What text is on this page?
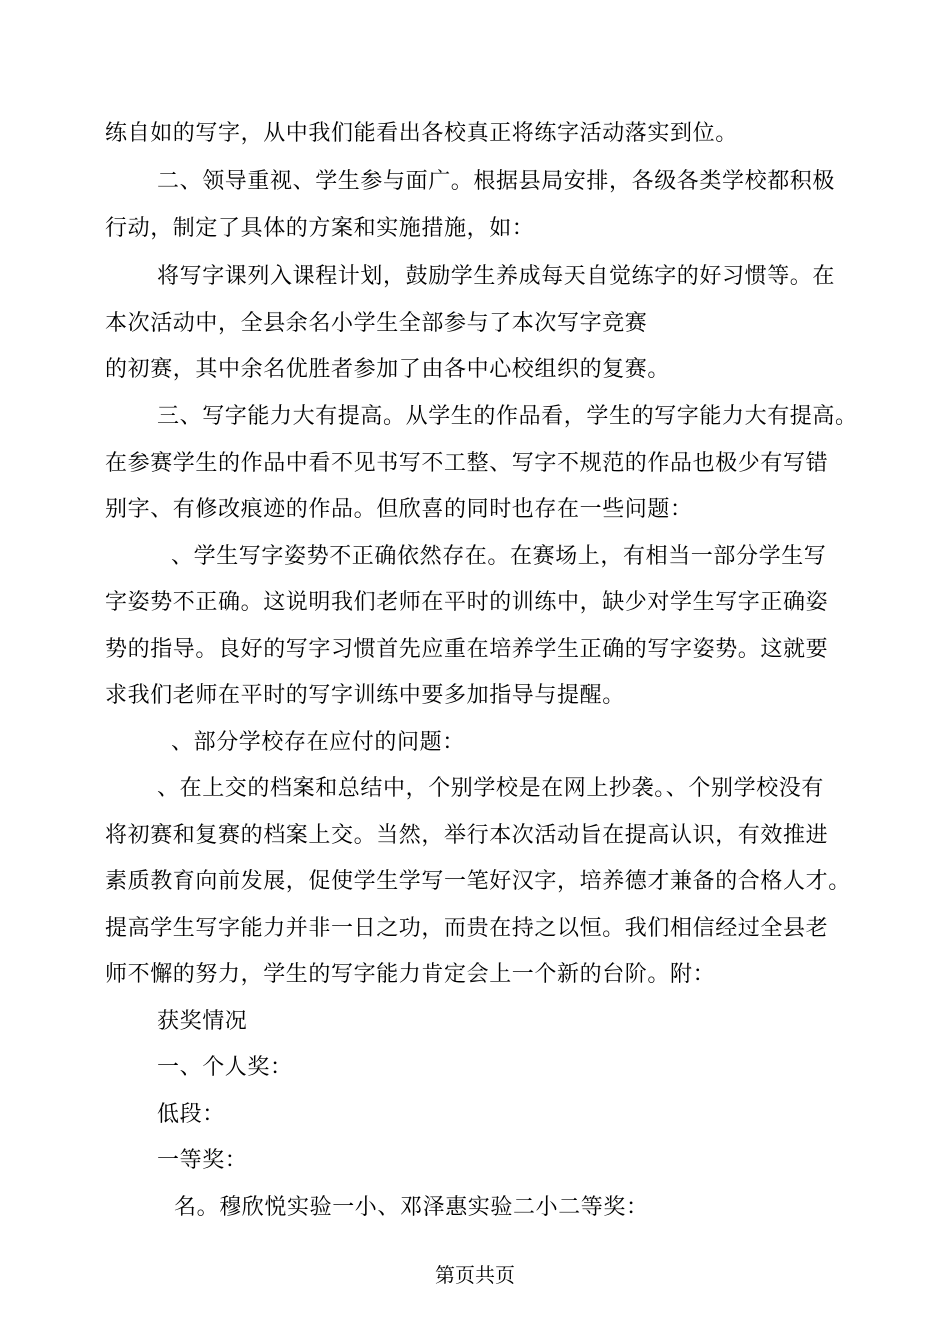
练自如的写字，从中我们能看出各校真正将练字活动落实到位。
二、领导重视、学生参与面广。根据县局安排，各级各类学校都积极
行动，制定了具体的方案和实施措施，如：
将写字课列入课程计划，鼓励学生养成每天自觉练字的好习惯等。在
本次活动中，全县余名小学生全部参与了本次写字竞赛
的初赛，其中余名优胜者参加了由各中心校组织的复赛。
三、写字能力大有提高。从学生的作品看，学生的写字能力大有提高。
在参赛学生的作品中看不见书写不工整、写字不规范的作品也极少有写错
别字、有修改痕迹的作品。但欣喜的同时也存在一些问题：
、学生写字姿势不正确依然存在。在赛场上，有相当一部分学生写
字姿势不正确。这说明我们老师在平时的训练中，缺少对学生写字正确姿
势的指导。良好的写字习惯首先应重在培养学生正确的写字姿势。这就要
求我们老师在平时的写字训练中要多加指导与提醒。
、部分学校存在应付的问题：
、在上交的档案和总结中，个别学校是在网上抄袭。、个别学校没有
将初赛和复赛的档案上交。当然，举行本次活动旨在提高认识，有效推进
素质教育向前发展，促使学生学写一笔好汉字，培养德才兼备的合格人才。
提高学生写字能力并非一日之功，而贵在持之以恒。我们相信经过全县老
师不懈的努力，学生的写字能力肯定会上一个新的台阶。附：
获奖情况
一、个人奖：
低段：
一等奖：
名。穆欣悦实验一小、邓泽惠实验二小二等奖：
第页共页
